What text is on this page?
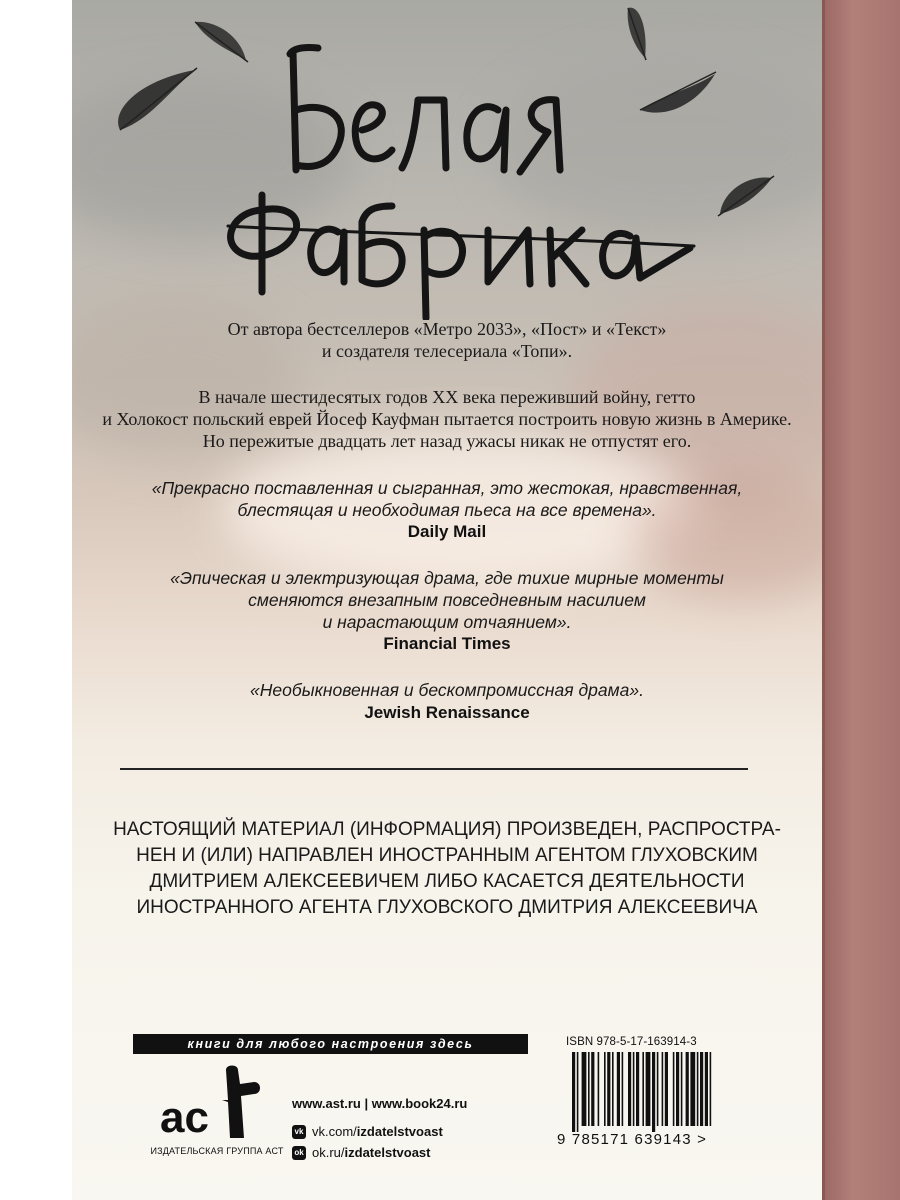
От автора бестселлеров «Метро 2033», «Пост» и «Текст»
и создателя телесериала «Топи».

В начале шестидесятых годов XX века переживший войну, гетто
и Холокост польский еврей Йосеф Кауфман пытается построить новую жизнь в Америке.
Но пережитые двадцать лет назад ужасы никак не отпустят его.

«Прекрасно поставленная и сыгранная, это жестокая, нравственная,
блестящая и необходимая пьеса на все времена».

Daily Mail

«Эпическая и электризующая драма, где тихие мирные моменты
сменяются внезапным повседневным насилием
и нарастающим отчаянием».

Financial Times

«Необыкновенная и бескомпромиссная драма».

Jewish Renaissance

НАСТОЯЩИЙ МАТЕРИАЛ (ИНФОРМАЦИЯ) ПРОИЗВЕДЕН, РАСПРОСТРА-
НЕН И (ИЛИ) НАПРАВЛЕН ИНОСТРАННЫМ АГЕНТОМ ГЛУХОВСКИМ
ДМИТРИЕМ АЛЕКСЕЕВИЧЕМ ЛИБО КАСАЕТСЯ ДЕЯТЕЛЬНОСТИ
ИНОСТРАННОГО АГЕНТА ГЛУХОВСКОГО ДМИТРИЯ АЛЕКСЕЕВИЧА

книги для любого настроения здесь
ac
ИЗДАТЕЛЬСКАЯ ГРУППА АСТ
www.ast.ru | www.book24.ru
vk vk.com/izdatelstvoast
ok ok.ru/izdatelstvoast
ISBN 978-5-17-163914-3
9 785171 639143 >
